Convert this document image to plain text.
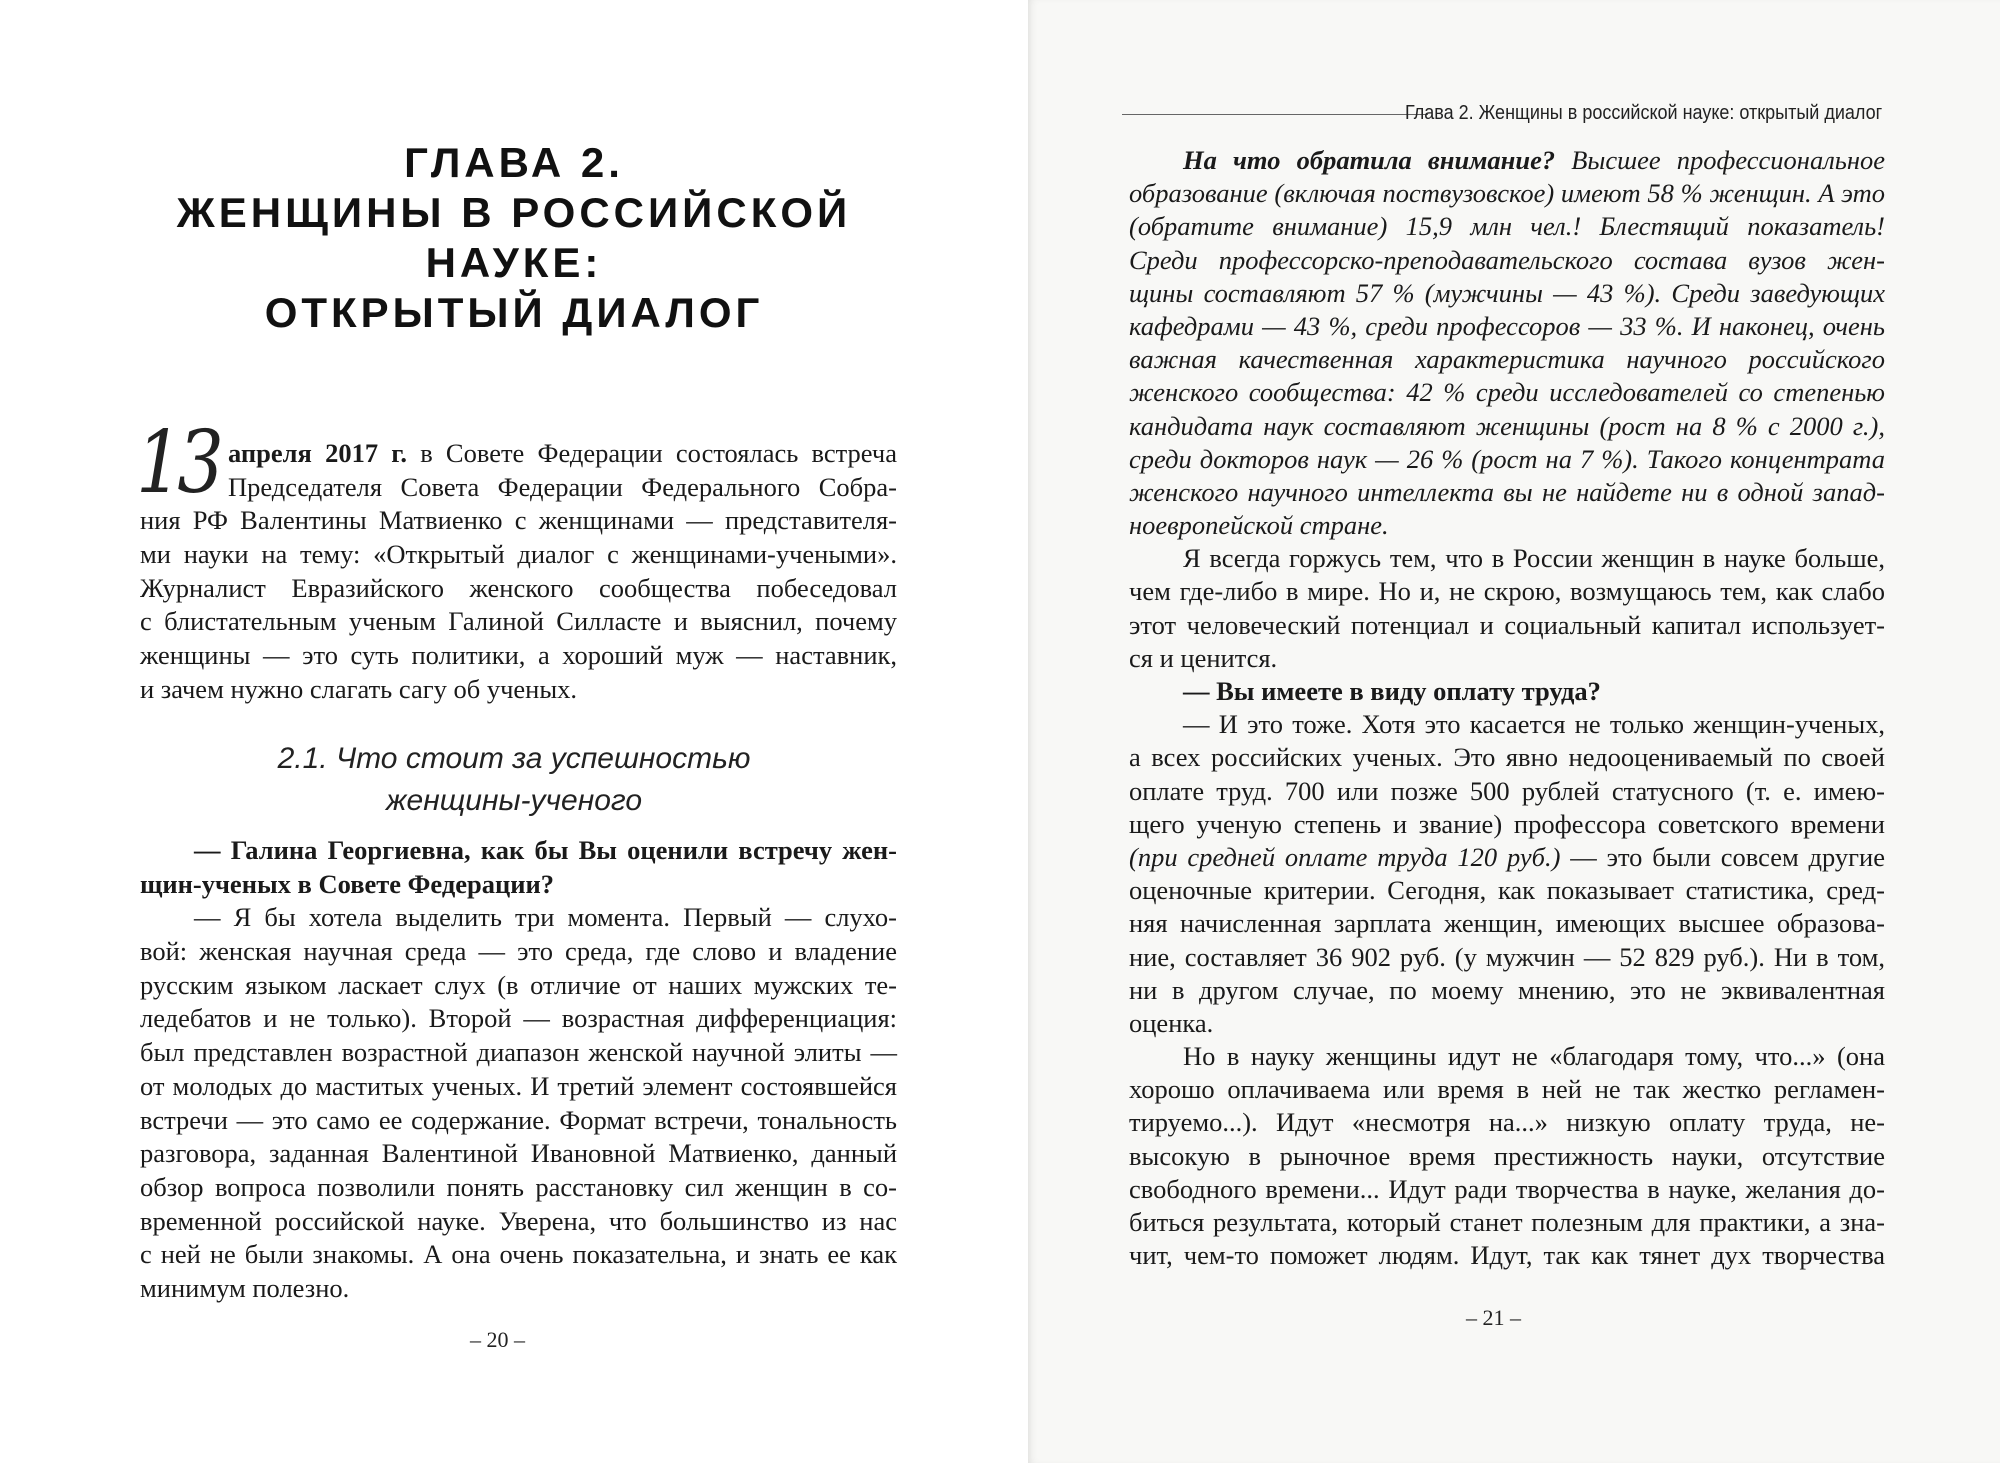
ГЛАВА 2.
ЖЕНЩИНЫ В РОССИЙСКОЙ
НАУКЕ:
ОТКРЫТЫЙ ДИАЛОГ
13 апреля 2017 г. в Совете Федерации состоялась встреча
Председателя Совета Федерации Федерального Собра-
ния РФ Валентины Матвиенко с женщинами — представителя-
ми науки на тему: «Открытый диалог с женщинами-учеными».
Журналист Евразийского женского сообщества побеседовал
с блистательным ученым Галиной Силласте и выяснил, почему
женщины — это суть политики, а хороший муж — наставник,
и зачем нужно слагать сагу об ученых.
2.1. Что стоит за успешностью
женщины-ученого
— Галина Георгиевна, как бы Вы оценили встречу жен-
щин-ученых в Совете Федерации?
— Я бы хотела выделить три момента. Первый — слухо-
вой: женская научная среда — это среда, где слово и владение
русским языком ласкает слух (в отличие от наших мужских те-
ледебатов и не только). Второй — возрастная дифференциация:
был представлен возрастной диапазон женской научной элиты —
от молодых до маститых ученых. И третий элемент состоявшейся
встречи — это само ее содержание. Формат встречи, тональность
разговора, заданная Валентиной Ивановной Матвиенко, данный
обзор вопроса позволили понять расстановку сил женщин в со-
временной российской науке. Уверена, что большинство из нас
с ней не были знакомы. А она очень показательна, и знать ее как
минимум полезно.
– 20 –
Глава 2. Женщины в российской науке: открытый диалог
На что обратила внимание? Высшее профессиональное
образование (включая поствузовское) имеют 58 % женщин. А это
(обратите внимание) 15,9 млн чел.! Блестящий показатель!
Среди профессорско-преподавательского состава вузов жен-
щины составляют 57 % (мужчины — 43 %). Среди заведующих
кафедрами — 43 %, среди профессоров — 33 %. И наконец, очень
важная качественная характеристика научного российского
женского сообщества: 42 % среди исследователей со степенью
кандидата наук составляют женщины (рост на 8 % с 2000 г.),
среди докторов наук — 26 % (рост на 7 %). Такого концентрата
женского научного интеллекта вы не найдете ни в одной запад-
ноевропейской стране.
Я всегда горжусь тем, что в России женщин в науке больше,
чем где-либо в мире. Но и, не скрою, возмущаюсь тем, как слабо
этот человеческий потенциал и социальный капитал использует-
ся и ценится.
— Вы имеете в виду оплату труда?
— И это тоже. Хотя это касается не только женщин-ученых,
а всех российских ученых. Это явно недооцениваемый по своей
оплате труд. 700 или позже 500 рублей статусного (т. е. имею-
щего ученую степень и звание) профессора советского времени
(при средней оплате труда 120 руб.) — это были совсем другие
оценочные критерии. Сегодня, как показывает статистика, сред-
няя начисленная зарплата женщин, имеющих высшее образова-
ние, составляет 36 902 руб. (у мужчин — 52 829 руб.). Ни в том,
ни в другом случае, по моему мнению, это не эквивалентная
оценка.
Но в науку женщины идут не «благодаря тому, что...» (она
хорошо оплачиваема или время в ней не так жестко регламен-
тируемо...). Идут «несмотря на...» низкую оплату труда, не-
высокую в рыночное время престижность науки, отсутствие
свободного времени... Идут ради творчества в науке, желания до-
биться результата, который станет полезным для практики, а зна-
чит, чем-то поможет людям. Идут, так как тянет дух творчества
– 21 –
